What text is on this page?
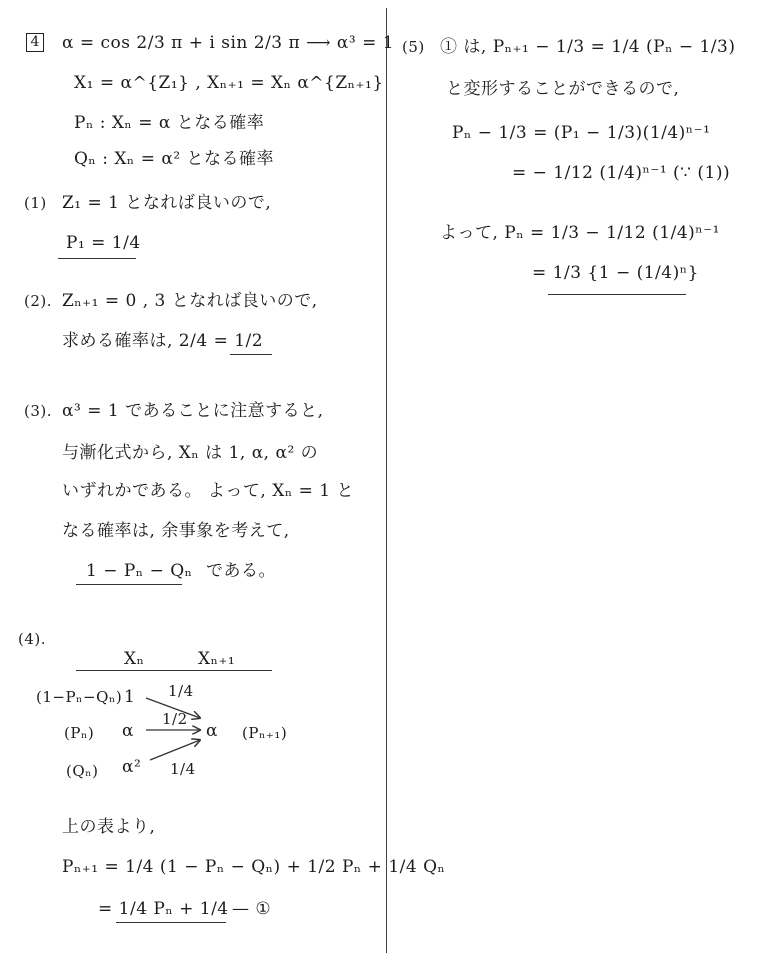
4 α = cos 2/3 π + i sin 2/3 π ⟶ α³ = 1
X₁ = α^{Z₁} , Xₙ₊₁ = Xₙ α^{Zₙ₊₁}
Pₙ : Xₙ = α となる確率
Qₙ : Xₙ = α² となる確率
(1) Z₁ = 1 となれば良いので,
P₁ = 1/4
(2). Zₙ₊₁ = 0 , 3 となれば良いので,
求める確率は, 2/4 = 1/2
(3). α³ = 1 であることに注意すると,
与漸化式から, Xₙ は 1, α, α² の
いずれかである。 よって, Xₙ = 1 と
なる確率は, 余事象を考えて,
1 − Pₙ − Qₙ である。
(4).
Xₙ	Xₙ₊₁
(1−Pₙ−Qₙ) 1 1/4
(Pₙ) α
1/2
(Qₙ) α² 1/4
α (Pₙ₊₁)
上の表より,
Pₙ₊₁ = 1/4 (1 − Pₙ − Qₙ) + 1/2 Pₙ + 1/4 Qₙ
= 1/4 Pₙ + 1/4 — ①
(5) ① は, Pₙ₊₁ − 1/3 = 1/4 (Pₙ − 1/3)
と変形することができるので,
Pₙ − 1/3 = (P₁ − 1/3)(1/4)ⁿ⁻¹
= − 1/12 (1/4)ⁿ⁻¹ (∵ (1))
よって, Pₙ = 1/3 − 1/12 (1/4)ⁿ⁻¹
= 1/3 {1 − (1/4)ⁿ}
